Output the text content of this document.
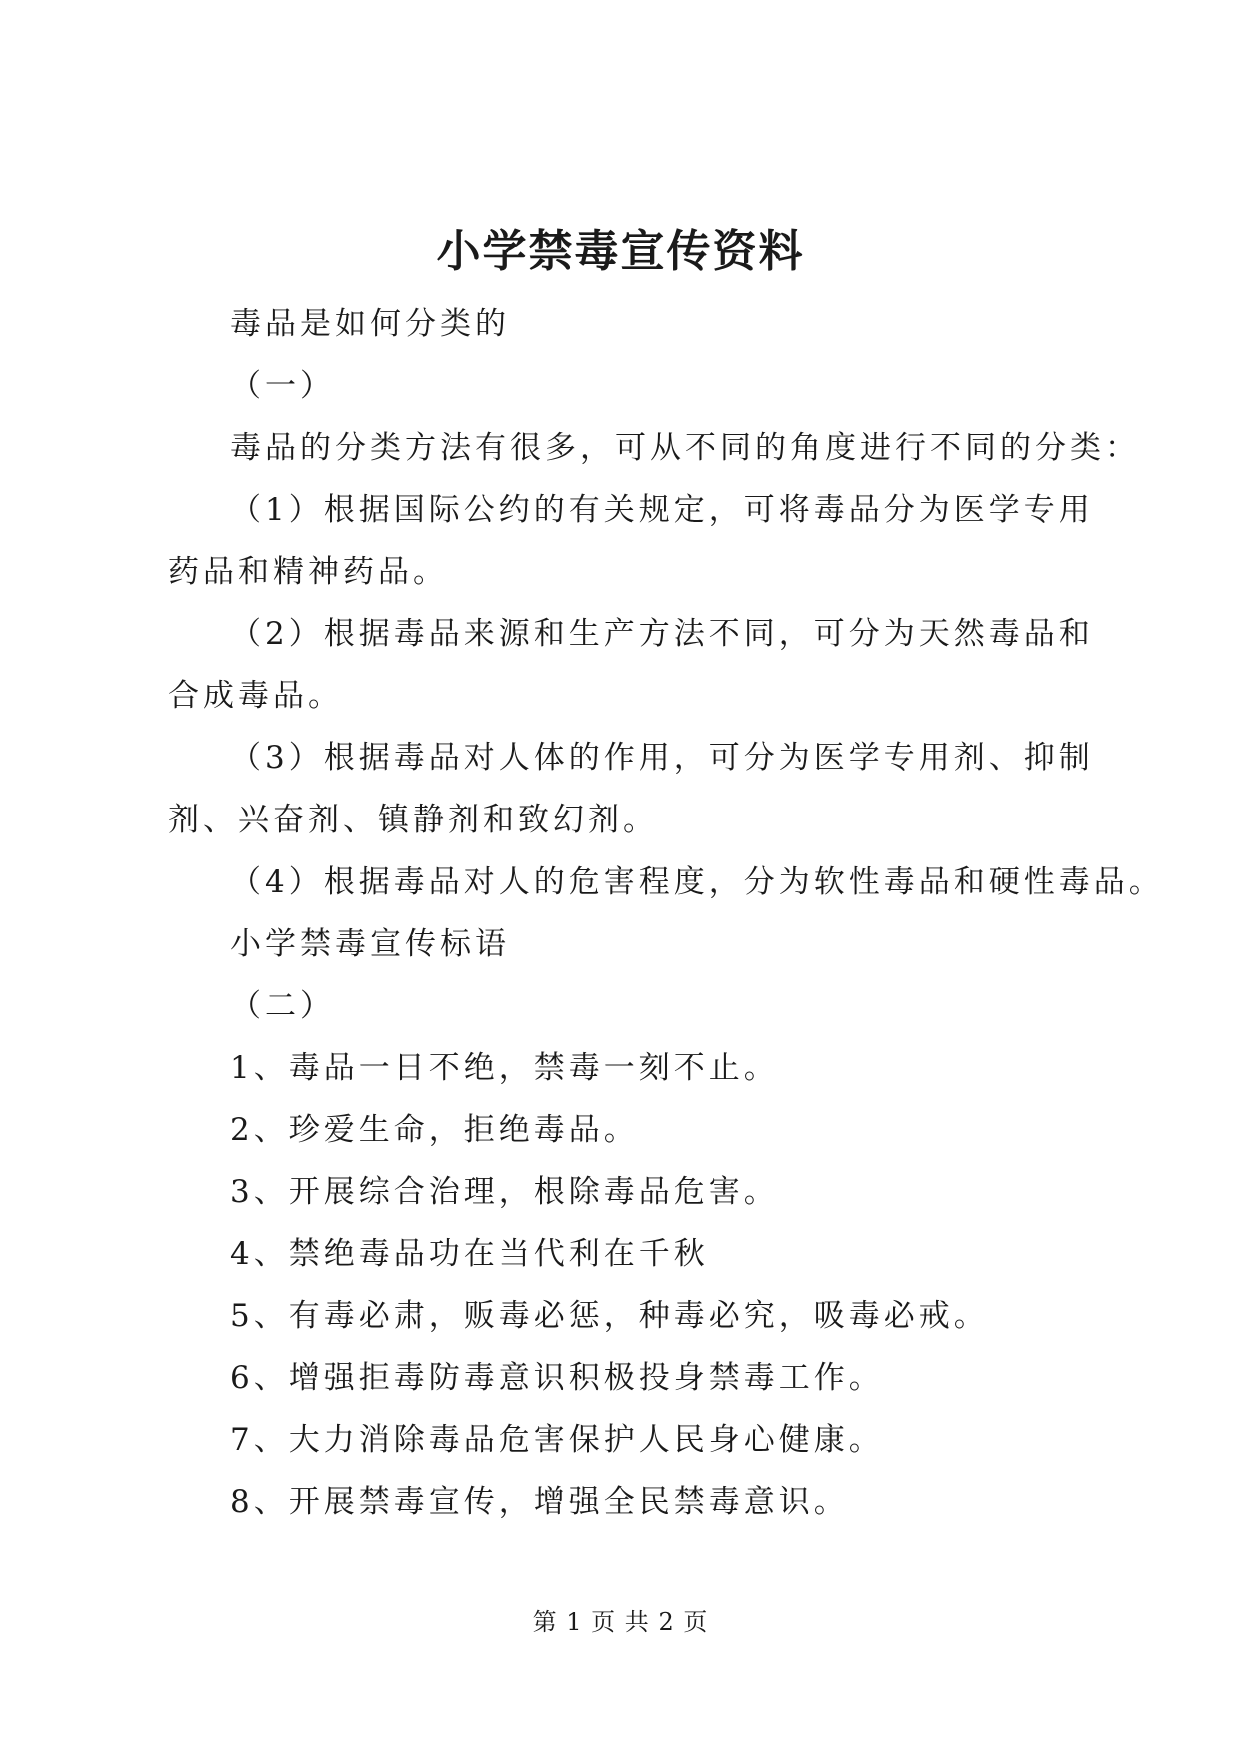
小学禁毒宣传资料

毒品是如何分类的

（一）

毒品的分类方法有很多，可从不同的角度进行不同的分类：

（1）根据国际公约的有关规定，可将毒品分为医学专用药品和精神药品。

（2）根据毒品来源和生产方法不同，可分为天然毒品和合成毒品。

（3）根据毒品对人体的作用，可分为医学专用剂、抑制剂、兴奋剂、镇静剂和致幻剂。

（4）根据毒品对人的危害程度，分为软性毒品和硬性毒品。

小学禁毒宣传标语

（二）

1、毒品一日不绝，禁毒一刻不止。

2、珍爱生命，拒绝毒品。

3、开展综合治理，根除毒品危害。

4、禁绝毒品功在当代利在千秋

5、有毒必肃，贩毒必惩，种毒必究，吸毒必戒。

6、增强拒毒防毒意识积极投身禁毒工作。

7、大力消除毒品危害保护人民身心健康。

8、开展禁毒宣传，增强全民禁毒意识。

第 1 页 共 2 页
